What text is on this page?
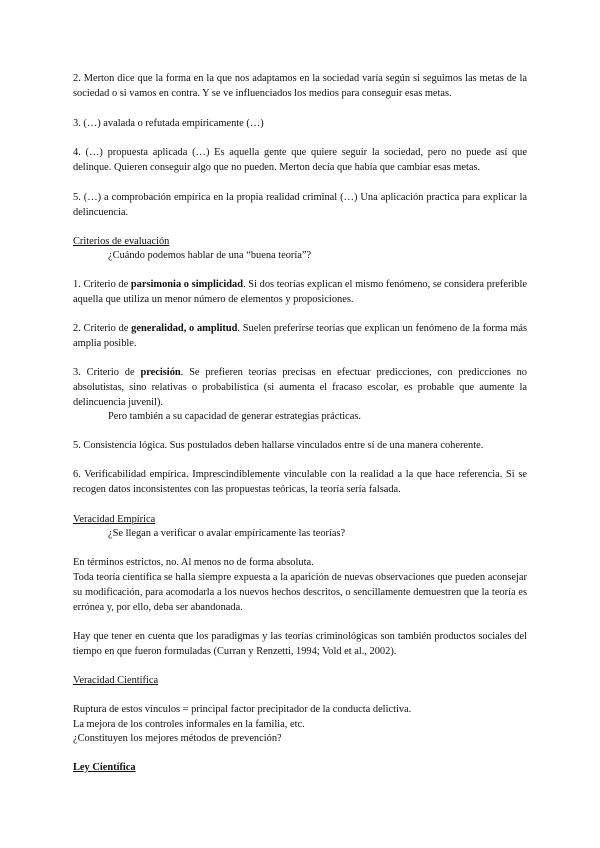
2. Merton dice que la forma en la que nos adaptamos en la sociedad varía según si seguimos las metas de la sociedad o si vamos en contra. Y se ve influenciados los medios para conseguir esas metas.

3. (…) avalada o refutada empíricamente (…)

4. (…) propuesta aplicada (…) Es aquella gente que quiere seguir la sociedad, pero no puede así que delinque. Quieren conseguir algo que no pueden. Merton decía que había que cambiar esas metas.

5. (…) a comprobación empírica en la propia realidad criminal (…) Una aplicación practica para explicar la delincuencia.

Criterios de evaluación

¿Cuándo podemos hablar de una “buena teoría”?

1. Criterio de parsimonia o simplicidad. Si dos teorías explican el mismo fenómeno, se considera preferible aquella que utiliza un menor número de elementos y proposiciones.

2. Criterio de generalidad, o amplitud. Suelen preferirse teorías que explican un fenómeno de la forma más amplia posible.

3. Criterio de precisión. Se prefieren teorías precisas en efectuar predicciones, con predicciones no absolutistas, sino relativas o probabilística (si aumenta el fracaso escolar, es probable que aumente la delincuencia juvenil).

Pero también a su capacidad de generar estrategias prácticas.

5. Consistencia lógica. Sus postulados deben hallarse vinculados entre sí de una manera coherente.

6. Verificabilidad empírica. Imprescindiblemente vinculable con la realidad a la que hace referencia. Si se recogen datos inconsistentes con las propuestas teóricas, la teoría sería falsada.

Veracidad Empírica

¿Se llegan a verificar o avalar empíricamente las teorías?

En términos estrictos, no. Al menos no de forma absoluta.

Toda teoría científica se halla siempre expuesta a la aparición de nuevas observaciones que pueden aconsejar su modificación, para acomodarla a los nuevos hechos descritos, o sencillamente demuestren que la teoría es errónea y, por ello, deba ser abandonada.

Hay que tener en cuenta que los paradigmas y las teorías criminológicas son también productos sociales del tiempo en que fueron formuladas (Curran y Renzetti, 1994; Vold et al., 2002).

Veracidad Científica

Ruptura de estos vínculos = principal factor precipitador de la conducta delictiva.

La mejora de los controles informales en la familia, etc.

¿Constituyen los mejores métodos de prevención?

Ley Científica
